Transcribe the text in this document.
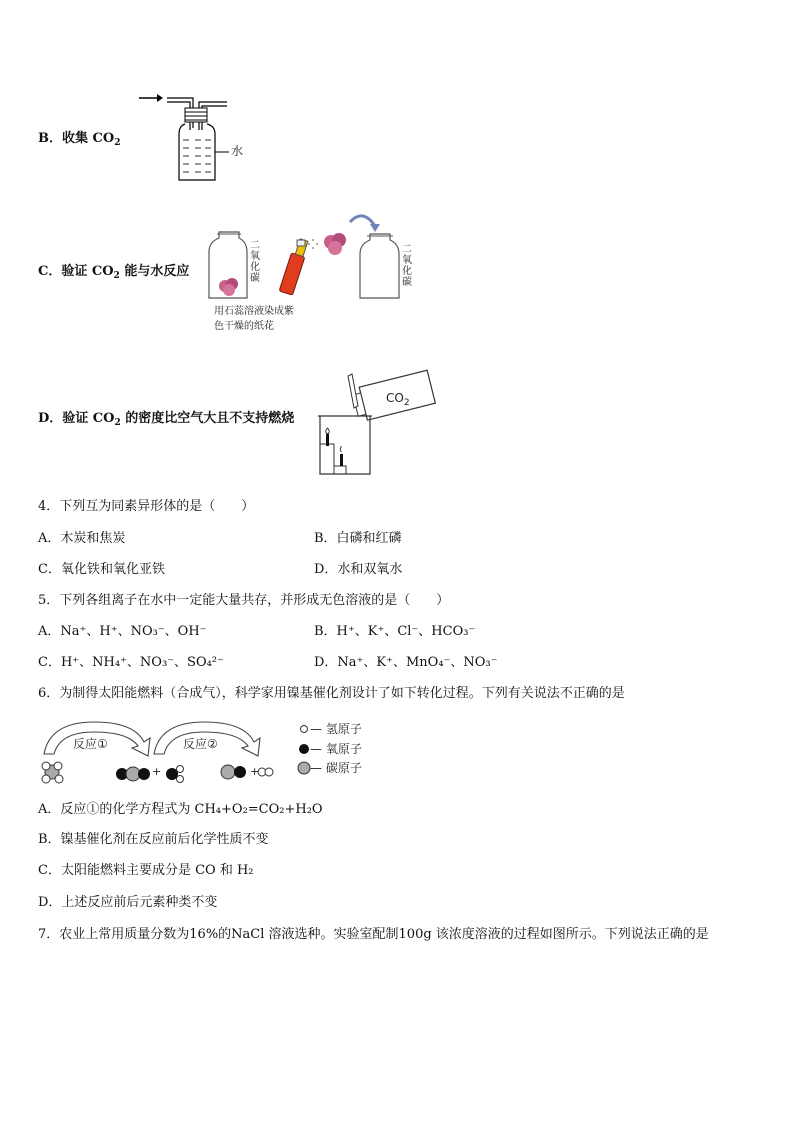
B．收集 $CO_2$
水
C．验证 $CO_2$ 能与水反应
二氧化碳
二氧化碳
用石蕊溶液染成紫
色干燥的纸花
D．验证 $CO_2$ 的密度比空气大且不支持燃烧
$CO_2$
4．下列互为同素异形体的是（　　）
A．木炭和焦炭	B．白磷和红磷
C．氧化铁和氧化亚铁	D．水和双氧水
5．下列各组离子在水中一定能大量共存，并形成无色溶液的是（　　）
A．Na⁺、H⁺、NO₃⁻、OH⁻	B．H⁺、K⁺、Cl⁻、HCO₃⁻
C．H⁺、NH₄⁺、NO₃⁻、SO₄²⁻	D．Na⁺、K⁺、MnO₄⁻、NO₃⁻
6．为制得太阳能燃料（合成气），科学家用镍基催化剂设计了如下转化过程。下列有关说法不正确的是
反应①	反应②
+	+
— 氢原子
— 氧原子
— 碳原子
A．反应①的化学方程式为 CH₄+O₂=CO₂+H₂O
B．镍基催化剂在反应前后化学性质不变
C．太阳能燃料主要成分是 CO 和 H₂
D．上述反应前后元素种类不变
7．农业上常用质量分数为16%的NaCl 溶液选种。实验室配制100g 该浓度溶液的过程如图所示。下列说法正确的是
